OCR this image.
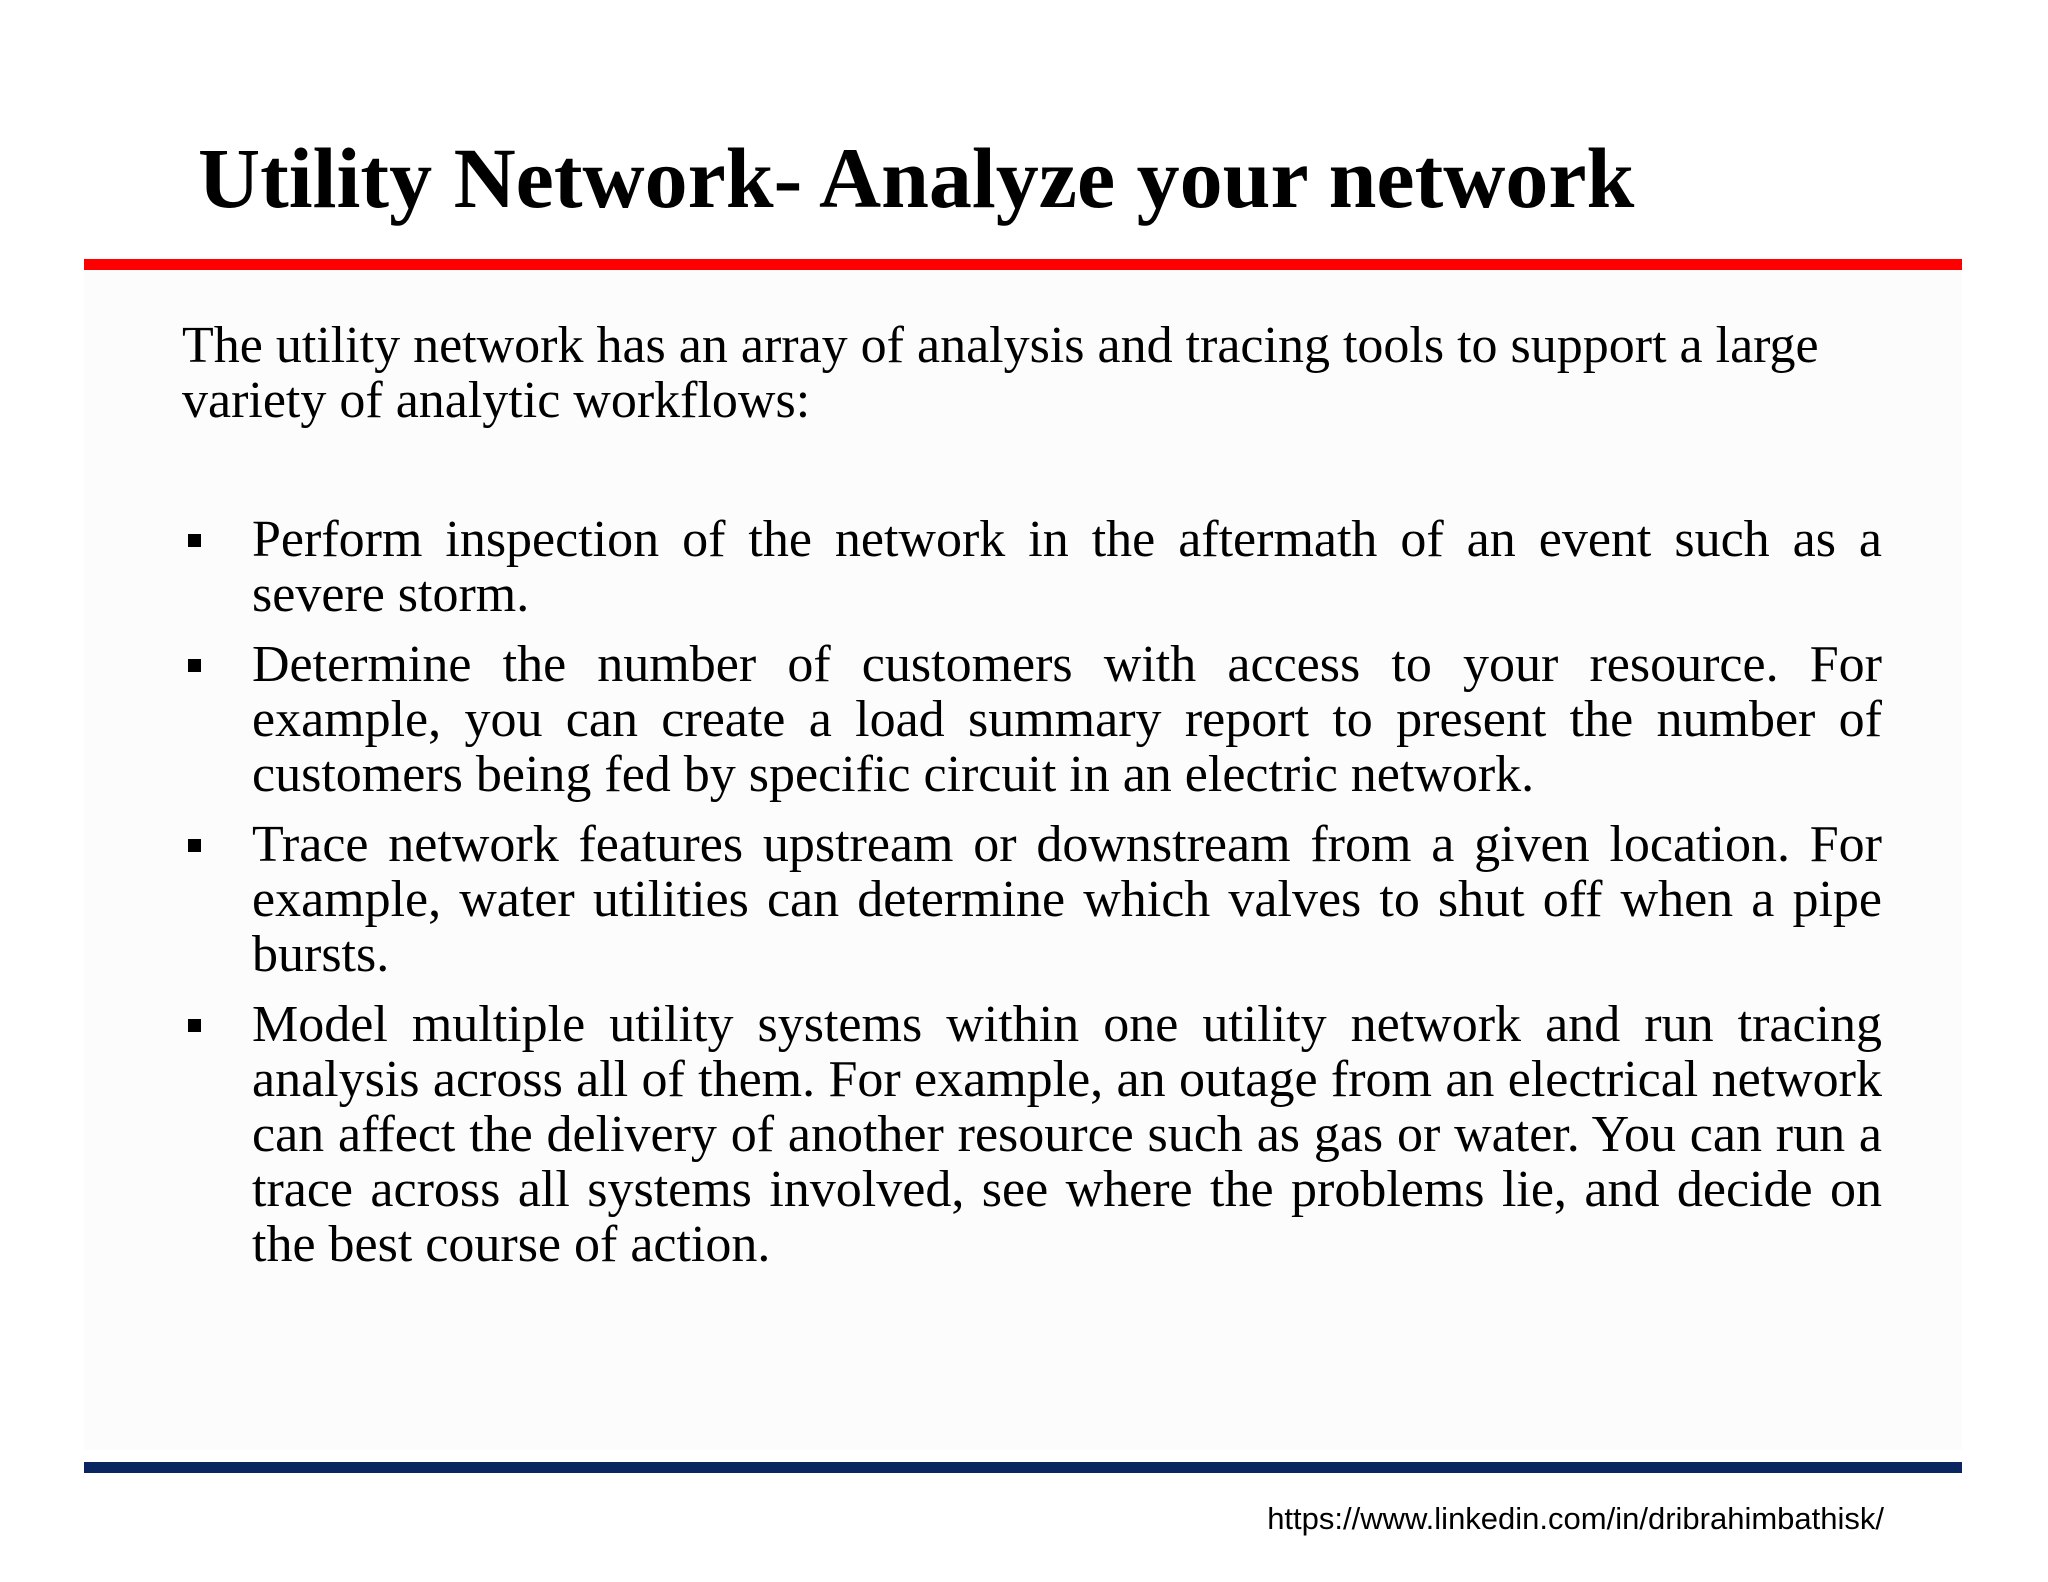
Utility Network- Analyze your network

The utility network has an array of analysis and tracing tools to support a large variety of analytic workflows:

Perform inspection of the network in the aftermath of an event such as a severe storm.
Determine the number of customers with access to your resource. For example, you can create a load summary report to present the number of customers being fed by specific circuit in an electric network.
Trace network features upstream or downstream from a given location. For example, water utilities can determine which valves to shut off when a pipe bursts.
Model multiple utility systems within one utility network and run tracing analysis across all of them. For example, an outage from an electrical network can affect the delivery of another resource such as gas or water. You can run a trace across all systems involved, see where the problems lie, and decide on the best course of action.
https://www.linkedin.com/in/dribrahimbathisk/
